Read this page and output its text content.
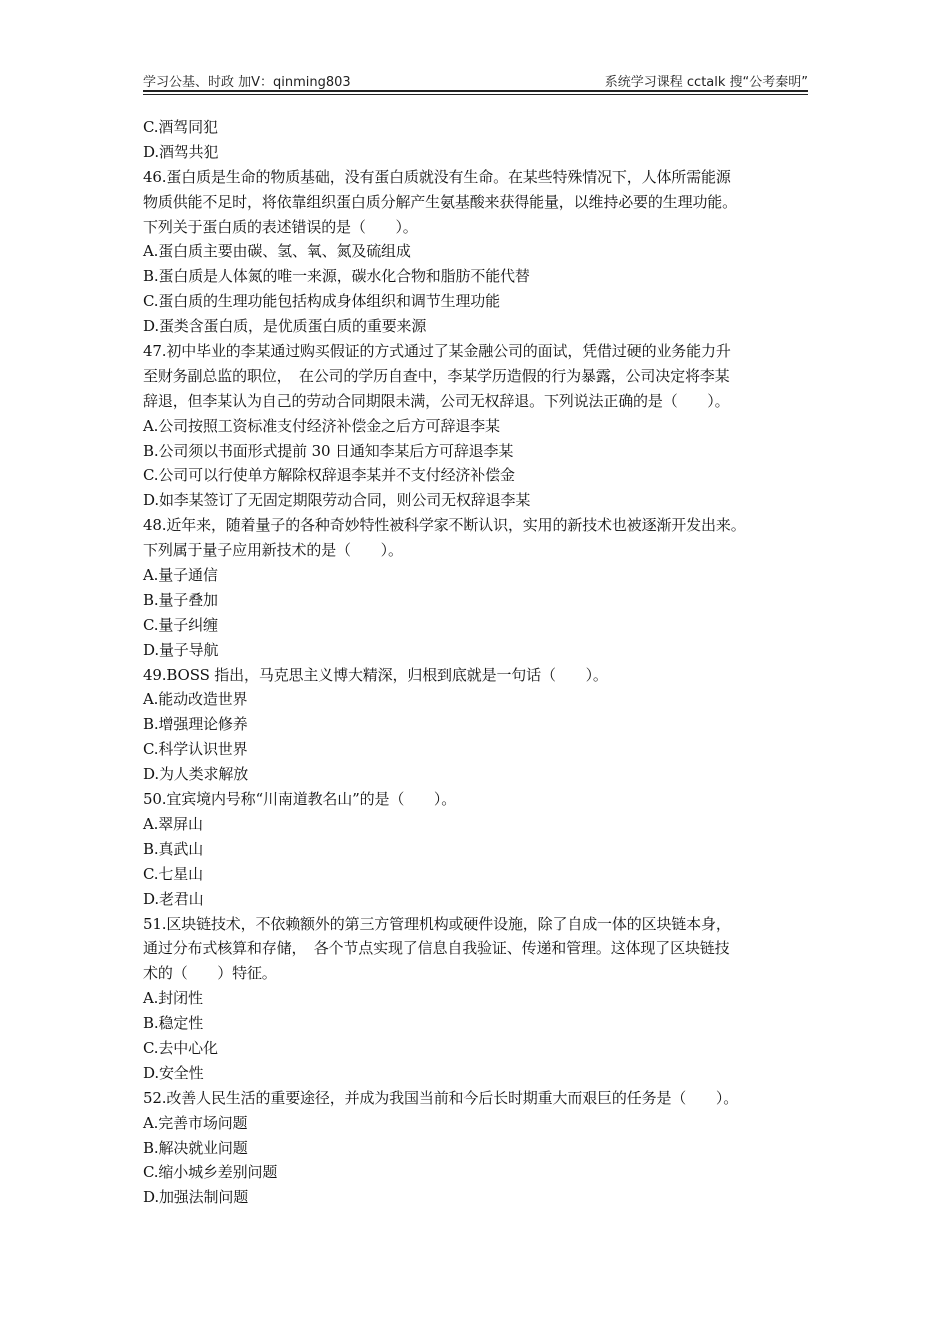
学习公基、时政 加V：qinming803	系统学习课程 cctalk 搜“公考秦明”
C.酒驾同犯
D.酒驾共犯
46.蛋白质是生命的物质基础，没有蛋白质就没有生命。在某些特殊情况下，人体所需能源
物质供能不足时，将依靠组织蛋白质分解产生氨基酸来获得能量，以维持必要的生理功能。
下列关于蛋白质的表述错误的是（　　）。
A.蛋白质主要由碳、氢、氧、氮及硫组成
B.蛋白质是人体氮的唯一来源，碳水化合物和脂肪不能代替
C.蛋白质的生理功能包括构成身体组织和调节生理功能
D.蛋类含蛋白质，是优质蛋白质的重要来源
47.初中毕业的李某通过购买假证的方式通过了某金融公司的面试，凭借过硬的业务能力升
至财务副总监的职位，　在公司的学历自查中，李某学历造假的行为暴露，公司决定将李某
辞退，但李某认为自己的劳动合同期限未满，公司无权辞退。下列说法正确的是（　　）。
A.公司按照工资标准支付经济补偿金之后方可辞退李某
B.公司须以书面形式提前 30 日通知李某后方可辞退李某
C.公司可以行使单方解除权辞退李某并不支付经济补偿金
D.如李某签订了无固定期限劳动合同，则公司无权辞退李某
48.近年来，随着量子的各种奇妙特性被科学家不断认识，实用的新技术也被逐渐开发出来。
下列属于量子应用新技术的是（　　）。
A.量子通信
B.量子叠加
C.量子纠缠
D.量子导航
49.BOSS 指出，马克思主义博大精深，归根到底就是一句话（　　）。
A.能动改造世界
B.增强理论修养
C.科学认识世界
D.为人类求解放
50.宜宾境内号称“川南道教名山”的是（　　）。
A.翠屏山
B.真武山
C.七星山
D.老君山
51.区块链技术，不依赖额外的第三方管理机构或硬件设施，除了自成一体的区块链本身，
通过分布式核算和存储，　各个节点实现了信息自我验证、传递和管理。这体现了区块链技
术的（　　）特征。
A.封闭性
B.稳定性
C.去中心化
D.安全性
52.改善人民生活的重要途径，并成为我国当前和今后长时期重大而艰巨的任务是（　　）。
A.完善市场问题
B.解决就业问题
C.缩小城乡差别问题
D.加强法制问题
